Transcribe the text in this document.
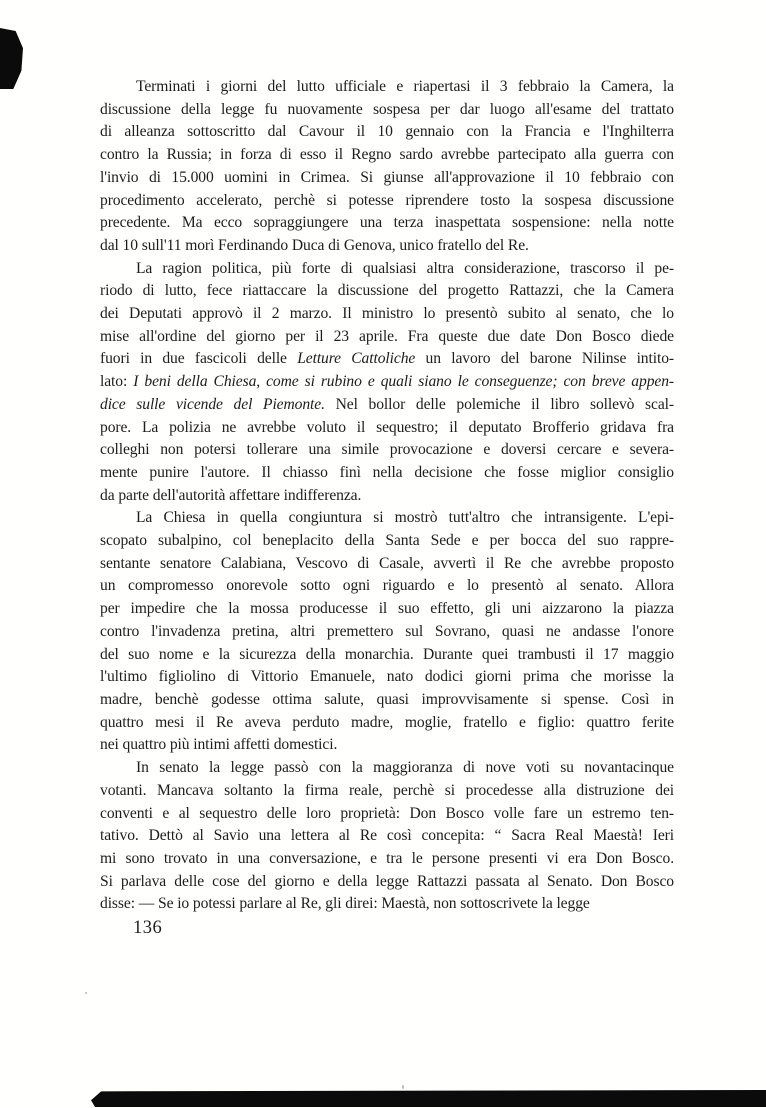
Terminati i giorni del lutto ufficiale e riapertasi il 3 febbraio la Camera, la
discussione della legge fu nuovamente sospesa per dar luogo all'esame del trattato
di alleanza sottoscritto dal Cavour il 10 gennaio con la Francia e l'Inghilterra
contro la Russia; in forza di esso il Regno sardo avrebbe partecipato alla guerra con
l'invio di 15.000 uomini in Crimea. Si giunse all'approvazione il 10 febbraio con
procedimento accelerato, perchè si potesse riprendere tosto la sospesa discussione
precedente. Ma ecco sopraggiungere una terza inaspettata sospensione: nella notte
dal 10 sull'11 morì Ferdinando Duca di Genova, unico fratello del Re.
La ragion politica, più forte di qualsiasi altra considerazione, trascorso il pe-
riodo di lutto, fece riattaccare la discussione del progetto Rattazzi, che la Camera
dei Deputati approvò il 2 marzo. Il ministro lo presentò subito al senato, che lo
mise all'ordine del giorno per il 23 aprile. Fra queste due date Don Bosco diede
fuori in due fascicoli delle Letture Cattoliche un lavoro del barone Nilinse intito-
lato: I beni della Chiesa, come si rubino e quali siano le conseguenze; con breve appen-
dice sulle vicende del Piemonte. Nel bollor delle polemiche il libro sollevò scal-
pore. La polizia ne avrebbe voluto il sequestro; il deputato Brofferio gridava fra
colleghi non potersi tollerare una simile provocazione e doversi cercare e severa-
mente punire l'autore. Il chiasso finì nella decisione che fosse miglior consiglio
da parte dell'autorità affettare indifferenza.
La Chiesa in quella congiuntura si mostrò tutt'altro che intransigente. L'epi-
scopato subalpino, col beneplacito della Santa Sede e per bocca del suo rappre-
sentante senatore Calabiana, Vescovo di Casale, avvertì il Re che avrebbe proposto
un compromesso onorevole sotto ogni riguardo e lo presentò al senato. Allora
per impedire che la mossa producesse il suo effetto, gli uni aizzarono la piazza
contro l'invadenza pretina, altri premettero sul Sovrano, quasi ne andasse l'onore
del suo nome e la sicurezza della monarchia. Durante quei trambusti il 17 maggio
l'ultimo figliolino di Vittorio Emanuele, nato dodici giorni prima che morisse la
madre, benchè godesse ottima salute, quasi improvvisamente si spense. Così in
quattro mesi il Re aveva perduto madre, moglie, fratello e figlio: quattro ferite
nei quattro più intimi affetti domestici.
In senato la legge passò con la maggioranza di nove voti su novantacinque
votanti. Mancava soltanto la firma reale, perchè si procedesse alla distruzione dei
conventi e al sequestro delle loro proprietà: Don Bosco volle fare un estremo ten-
tativo. Dettò al Savio una lettera al Re così concepita: “ Sacra Real Maestà! Ieri
mi sono trovato in una conversazione, e tra le persone presenti vi era Don Bosco.
Si parlava delle cose del giorno e della legge Rattazzi passata al Senato. Don Bosco
disse: — Se io potessi parlare al Re, gli direi: Maestà, non sottoscrivete la legge
136
